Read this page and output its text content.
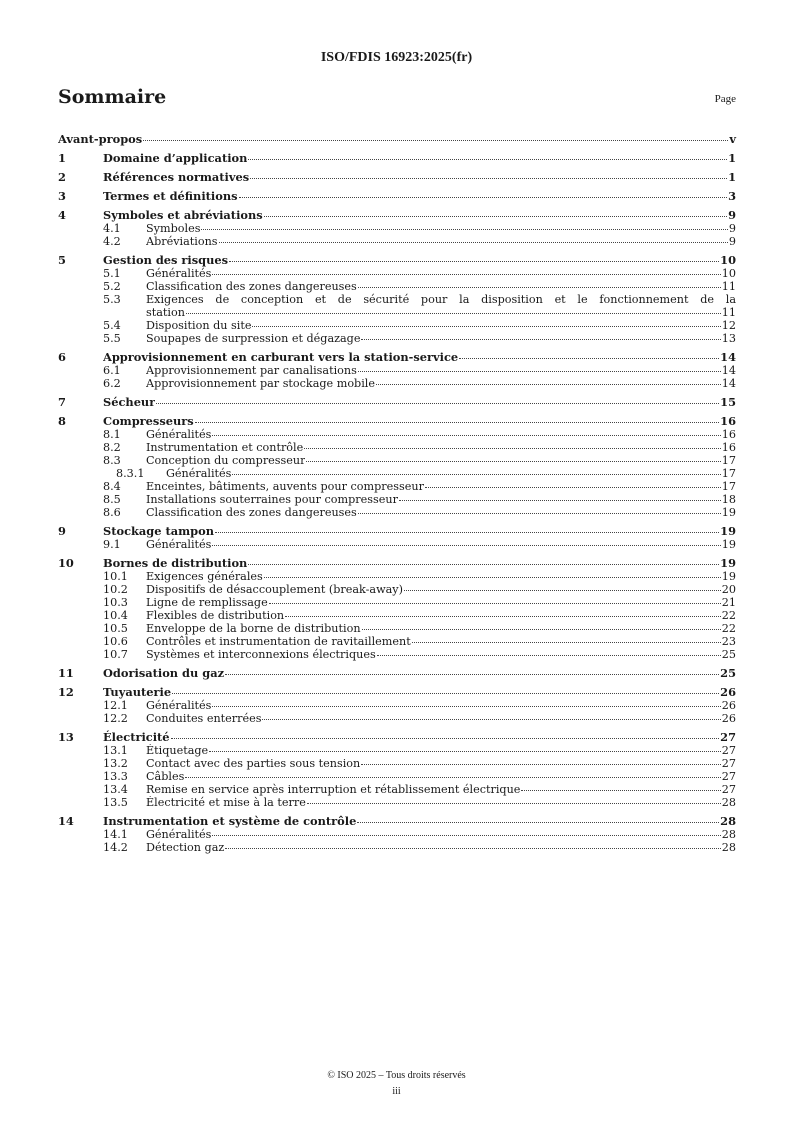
ISO/FDIS 16923:2025(fr)
Sommaire	Page
Avant-propos	v
1	Domaine d’application	1
2	Références normatives	1
3	Termes et définitions	3
4	Symboles et abréviations	9
4.1	Symboles	9
4.2	Abréviations	9
5	Gestion des risques	10
5.1	Généralités	10
5.2	Classification des zones dangereuses	11
5.3	Exigences de conception et de sécurité pour la disposition et le fonctionnement de la
station	11
5.4	Disposition du site	12
5.5	Soupapes de surpression et dégazage	13
6	Approvisionnement en carburant vers la station-service	14
6.1	Approvisionnement par canalisations	14
6.2	Approvisionnement par stockage mobile	14
7	Sécheur	15
8	Compresseurs	16
8.1	Généralités	16
8.2	Instrumentation et contrôle	16
8.3	Conception du compresseur	17
8.3.1	Généralités	17
8.4	Enceintes, bâtiments, auvents pour compresseur	17
8.5	Installations souterraines pour compresseur	18
8.6	Classification des zones dangereuses	19
9	Stockage tampon	19
9.1	Généralités	19
10	Bornes de distribution	19
10.1	Exigences générales	19
10.2	Dispositifs de désaccouplement (break-away)	20
10.3	Ligne de remplissage	21
10.4	Flexibles de distribution	22
10.5	Enveloppe de la borne de distribution	22
10.6	Contrôles et instrumentation de ravitaillement	23
10.7	Systèmes et interconnexions électriques	25
11	Odorisation du gaz	25
12	Tuyauterie	26
12.1	Généralités	26
12.2	Conduites enterrées	26
13	Électricité	27
13.1	Étiquetage	27
13.2	Contact avec des parties sous tension	27
13.3	Câbles	27
13.4	Remise en service après interruption et rétablissement électrique	27
13.5	Électricité et mise à la terre	28
14	Instrumentation et système de contrôle	28
14.1	Généralités	28
14.2	Détection gaz	28
© ISO 2025 – Tous droits réservés
iii
